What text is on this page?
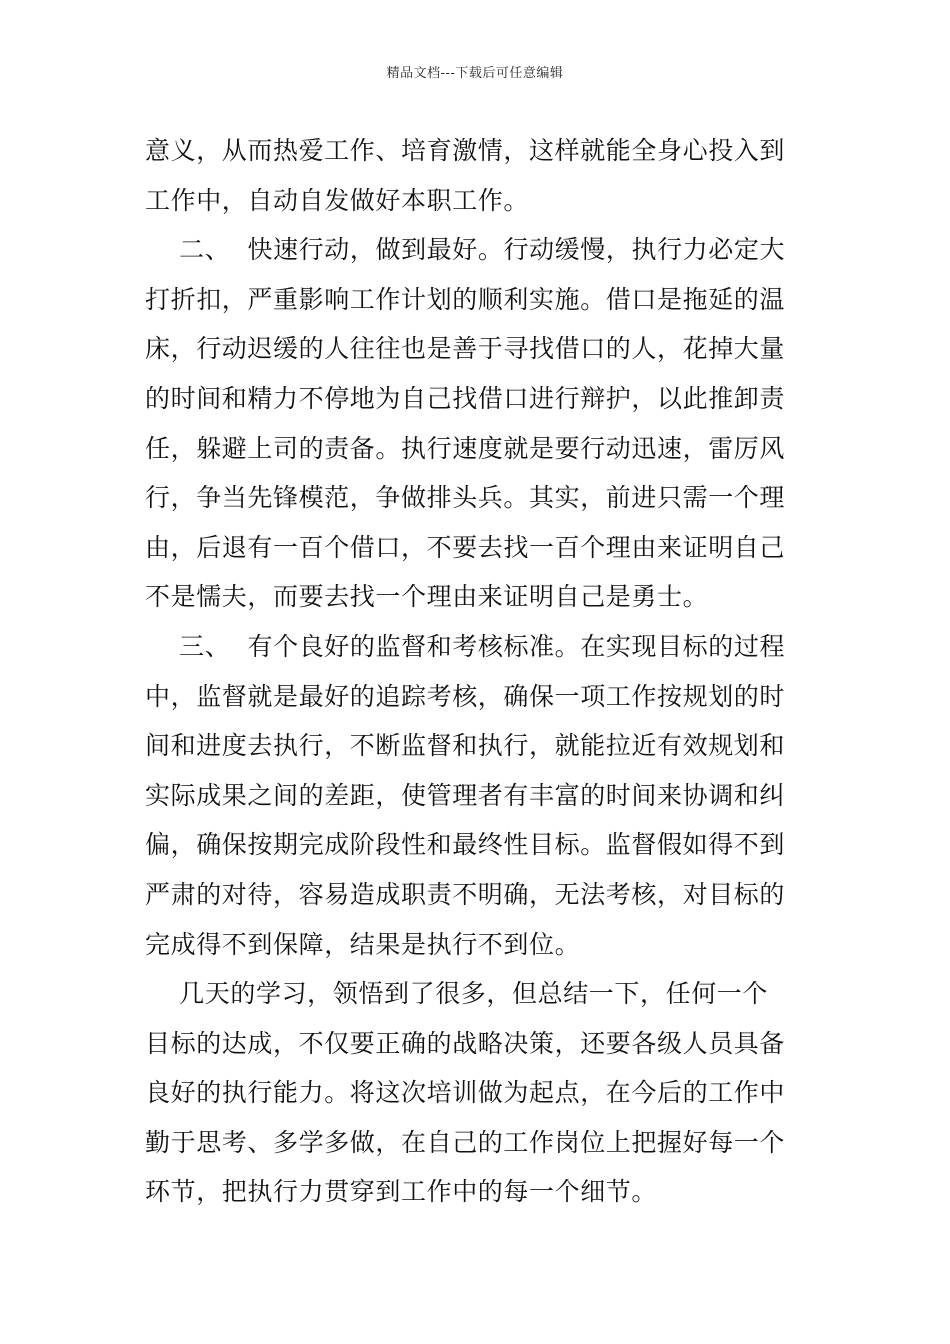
精品文档---下载后可任意编辑
意义，从而热爱工作、培育激情，这样就能全身心投入到
工作中，自动自发做好本职工作。
二、  快速行动，做到最好。行动缓慢，执行力必定大
打折扣，严重影响工作计划的顺利实施。借口是拖延的温
床，行动迟缓的人往往也是善于寻找借口的人，花掉大量
的时间和精力不停地为自己找借口进行辩护，以此推卸责
任，躲避上司的责备。执行速度就是要行动迅速，雷厉风
行，争当先锋模范，争做排头兵。其实，前进只需一个理
由，后退有一百个借口，不要去找一百个理由来证明自己
不是懦夫，而要去找一个理由来证明自己是勇士。
三、  有个良好的监督和考核标准。在实现目标的过程
中，监督就是最好的追踪考核，确保一项工作按规划的时
间和进度去执行，不断监督和执行，就能拉近有效规划和
实际成果之间的差距，使管理者有丰富的时间来协调和纠
偏，确保按期完成阶段性和最终性目标。监督假如得不到
严肃的对待，容易造成职责不明确，无法考核，对目标的
完成得不到保障，结果是执行不到位。
几天的学习，领悟到了很多，但总结一下，任何一个
目标的达成，不仅要正确的战略决策，还要各级人员具备
良好的执行能力。将这次培训做为起点，在今后的工作中
勤于思考、多学多做，在自己的工作岗位上把握好每一个
环节，把执行力贯穿到工作中的每一个细节。
